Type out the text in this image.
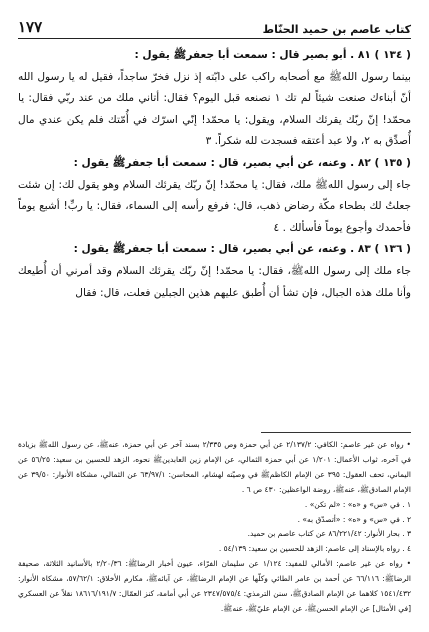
كتاب عاصم بن حميد الحنّاط
١٧٧

( ١٣٤ ) ٨١ . أبو بصير قال : سمعت أبا جعفرﷺ يقول :

بينما رسول اللهﷺ مع أصحابه راكب على دابّته إذ نزل فخرّ ساجداً، فقيل له يا رسول الله أنّ أبناءك صنعت شيئاً لم تك ١ نصنعه قبل اليوم؟ فقال: أتاني ملك من عند ربّي فقال: يا محمّد! إنّ ربّك يقرئك السلام، ويقول: يا محمّد! إنّي اسرّك في أُمّتك فلم يكن عندي مال أُصدِّق به ٢، ولا عبد أعتقه فسجدت لله شكراً. ٣

( ١٣٥ ) ٨٢ . وعنه، عن أبي بصير، قال : سمعت أبا جعفرﷺ يقول :

جاء إلى رسول اللهﷺ ملك، فقال: يا محمّد! إنّ ربّك يقرئك السلام وهو يقول لك: إن شئت جعلتُ لك بطحاء مكّة رضاض ذهب، قال: فرفع رأسه إلى السماء، فقال: يا ربِّ! أشبع يوماً فأحمدك وأجوع يوماً فأسألك . ٤

( ١٣٦ ) ٨٣ . وعنه، عن أبي بصير، قال : سمعت أبا جعفرﷺ يقول :

جاء ملك إلى رسول اللهﷺ، فقال: يا محمّد! إنّ ربّك يقرئك السلام وقد أمرني أن أُطيعك وأنا ملك هذه الجبال، فإن تشأ أن أُطبق عليهم هذين الجبلين فعلت، قال: فقال

• رواه عن غير عاصم: الكافي: ٢/١٣٧/٢ عن أبي حمزة وص ٢/٣٣٥ بسند آخر عن أبي حمزة، عنهﷺ، عن رسول اللهﷺ بزيادة في آخره، ثواب الأعمال: ١/٢٠١ عن أبي حمزة الثمالي، عن الإمام زين العابدينﷺ نحوه، الزهد للحسين بن سعيد: ٥٦/٢٥ عن اليماني، تحف العقول: ٣٩٥ عن الإمام الكاظمﷺ في وصيّته لهشام، المحاسن: ٦٣/٩٧/١ عن الثمالي، مشكاة الأنوار: ٣٩/٥٠ عن الإمام الصادقﷺ، عنهﷺ، روضة الواعظين: ٤٣٠ ص ٦ .

١ . في «س» و «ه» : «لم تكن» .

٢ . في «س» و «ه» : «أتصدّق به» .

٣ . بحار الأنوار: ٨٦/٢٢١/٤٢ عن كتاب عاصم بن حميد.

٤ . رواه بالإسناد إلى عاصم: الزهد للحسين بن سعيد: ٥٤/١٣٩ .

• رواه عن غير عاصم: الأمالي للمفيد: ١/١٢٤ عن سليمان الفرّاء، عيون أخبار الرضاﷺ: ٢/٢٠/٣٦ بالأسانيد الثلاثة، صحيفة الرضاﷺ: ٦٦/١١٦ عن أحمد بن عامر الطائي وكلّها عن الإمام الرضاﷺ، عن آبائهﷺ، مكارم الأخلاق: ٥٧/٦٢/١، مشكاة الأنوار: ١٥٤١/٤٣٢ كلاهما عن الإمام الصادقﷺ، سنن الترمذي: ٢٣٤٧/٥٧٥/٤ عن أبي أمامة، كنز العمّال: ١٨٦١٦/١٩١/٧ نقلاً عن العسكري [في الأمثال] عن الإمام الحسنﷺ، عن الإمام عليّﷺ، عنهﷺ.
